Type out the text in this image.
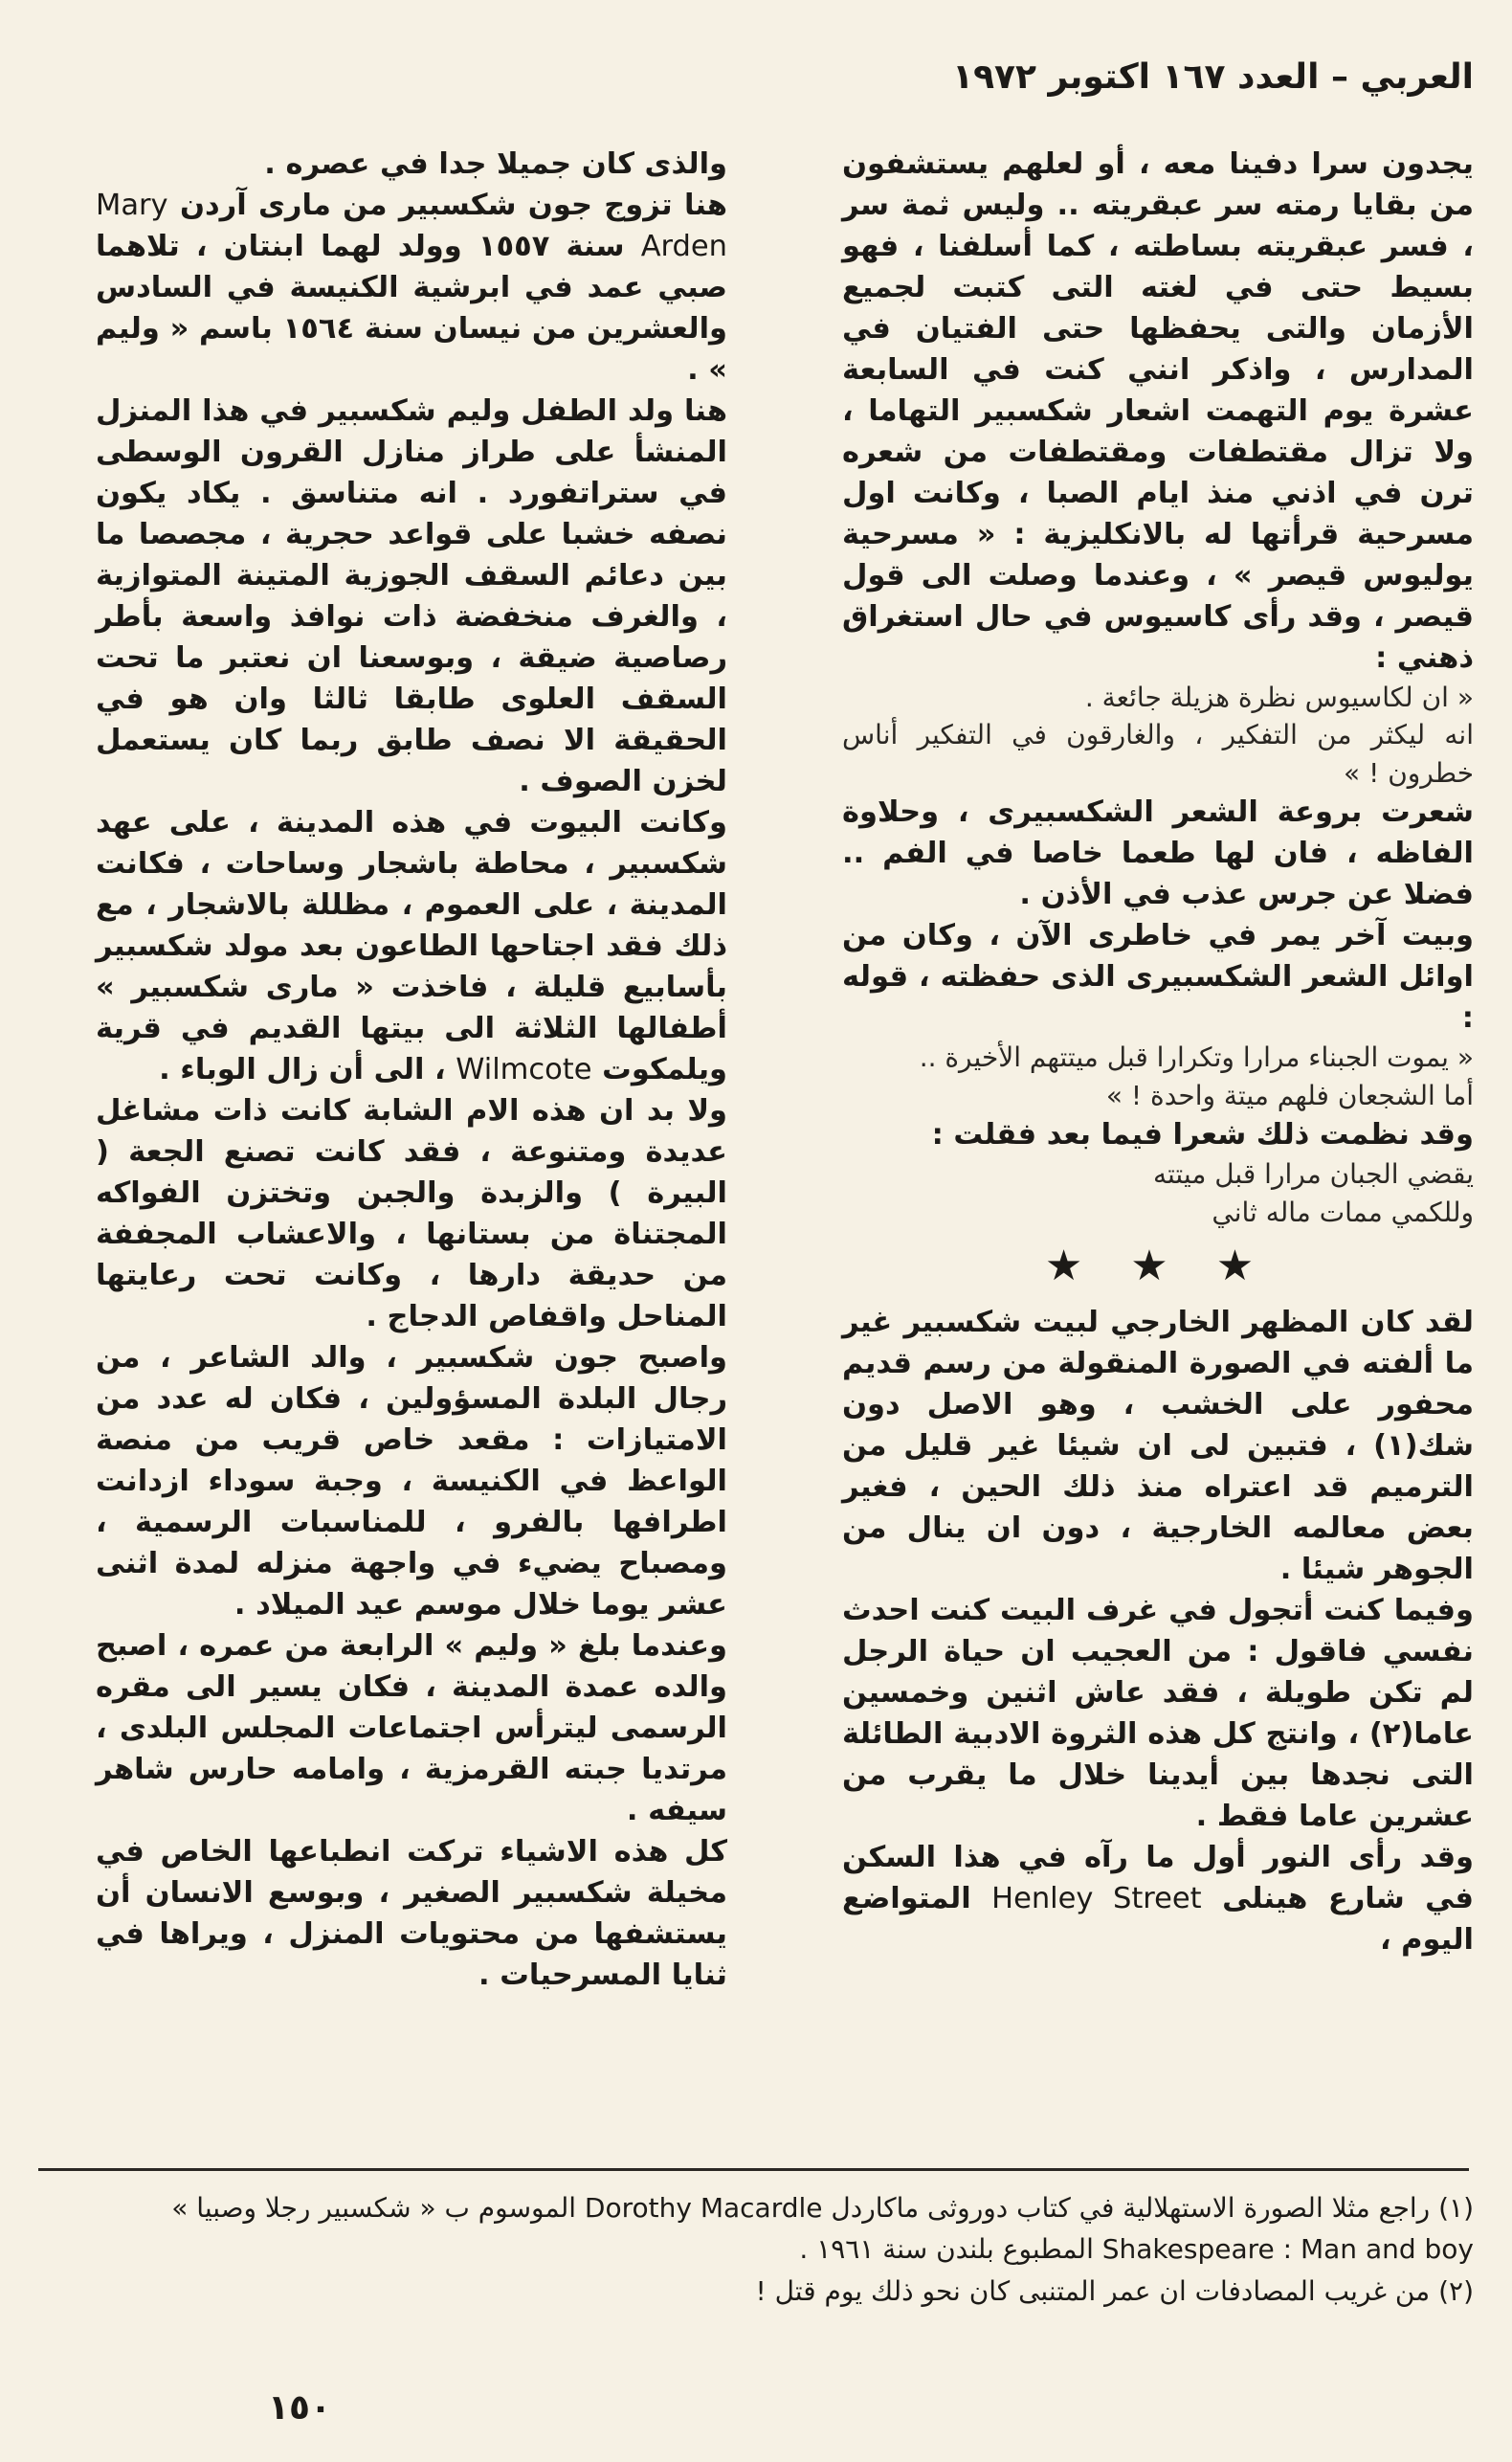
العربي – العدد ١٦٧ اكتوبر ١٩٧٢

يجدون سرا دفينا معه ، أو لعلهم يستشفون من بقايا رمته سر عبقريته .. وليس ثمة سر ، فسر عبقريته بساطته ، كما أسلفنا ، فهو بسيط حتى في لغته التى كتبت لجميع الأزمان والتى يحفظها حتى الفتيان في المدارس ، واذكر انني كنت في السابعة عشرة يوم التهمت اشعار شكسبير التهاما ، ولا تزال مقتطفات ومقتطفات من شعره ترن في اذني منذ ايام الصبا ، وكانت اول مسرحية قرأتها له بالانكليزية : « مسرحية يوليوس قيصر » ، وعندما وصلت الى قول قيصر ، وقد رأى كاسيوس في حال استغراق ذهني :

« ان لكاسيوس نظرة هزيلة جائعة .

انه ليكثر من التفكير ، والغارقون في التفكير أناس خطرون ! »

شعرت بروعة الشعر الشكسبيرى ، وحلاوة الفاظه ، فان لها طعما خاصا في الفم .. فضلا عن جرس عذب في الأذن .

وبيت آخر يمر في خاطرى الآن ، وكان من اوائل الشعر الشكسبيرى الذى حفظته ، قوله :

« يموت الجبناء مرارا وتكرارا قبل ميتتهم الأخيرة ..

أما الشجعان فلهم ميتة واحدة ! »

وقد نظمت ذلك شعرا فيما بعد فقلت :

يقضي الجبان مرارا قبل ميتته

وللكمي ممات ماله ثاني

★ ★ ★

لقد كان المظهر الخارجي لبيت شكسبير غير ما ألفته في الصورة المنقولة من رسم قديم محفور على الخشب ، وهو الاصل دون شك(١) ، فتبين لى ان شيئا غير قليل من الترميم قد اعتراه منذ ذلك الحين ، فغير بعض معالمه الخارجية ، دون ان ينال من الجوهر شيئا .

وفيما كنت أتجول في غرف البيت كنت احدث نفسي فاقول : من العجيب ان حياة الرجل لم تكن طويلة ، فقد عاش اثنين وخمسين عاما(٢) ، وانتج كل هذه الثروة الادبية الطائلة التى نجدها بين أيدينا خلال ما يقرب من عشرين عاما فقط .

وقد رأى النور أول ما رآه في هذا السكن في شارع هينلى Henley Street المتواضع اليوم ،

والذى كان جميلا جدا في عصره .

هنا تزوج جون شكسبير من مارى آردن Mary Arden سنة ١٥٥٧ وولد لهما ابنتان ، تلاهما صبي عمد في ابرشية الكنيسة في السادس والعشرين من نيسان سنة ١٥٦٤ باسم « وليم » .

هنا ولد الطفل وليم شكسبير في هذا المنزل المنشأ على طراز منازل القرون الوسطى في ستراتفورد . انه متناسق . يكاد يكون نصفه خشبا على قواعد حجرية ، مجصصا ما بين دعائم السقف الجوزية المتينة المتوازية ، والغرف منخفضة ذات نوافذ واسعة بأطر رصاصية ضيقة ، وبوسعنا ان نعتبر ما تحت السقف العلوى طابقا ثالثا وان هو في الحقيقة الا نصف طابق ربما كان يستعمل لخزن الصوف .

وكانت البيوت في هذه المدينة ، على عهد شكسبير ، محاطة باشجار وساحات ، فكانت المدينة ، على العموم ، مظللة بالاشجار ، مع ذلك فقد اجتاحها الطاعون بعد مولد شكسبير بأسابيع قليلة ، فاخذت « مارى شكسبير » أطفالها الثلاثة الى بيتها القديم في قرية ويلمكوت Wilmcote ، الى أن زال الوباء .

ولا بد ان هذه الام الشابة كانت ذات مشاغل عديدة ومتنوعة ، فقد كانت تصنع الجعة ( البيرة ) والزبدة والجبن وتختزن الفواكه المجتناة من بستانها ، والاعشاب المجففة من حديقة دارها ، وكانت تحت رعايتها المناحل واقفاص الدجاج .

واصبح جون شكسبير ، والد الشاعر ، من رجال البلدة المسؤولين ، فكان له عدد من الامتيازات : مقعد خاص قريب من منصة الواعظ في الكنيسة ، وجبة سوداء ازدانت اطرافها بالفرو ، للمناسبات الرسمية ، ومصباح يضيء في واجهة منزله لمدة اثنى عشر يوما خلال موسم عيد الميلاد .

وعندما بلغ « وليم » الرابعة من عمره ، اصبح والده عمدة المدينة ، فكان يسير الى مقره الرسمى ليترأس اجتماعات المجلس البلدى ، مرتديا جبته القرمزية ، وامامه حارس شاهر سيفه .

كل هذه الاشياء تركت انطباعها الخاص في مخيلة شكسبير الصغير ، وبوسع الانسان أن يستشفها من محتويات المنزل ، ويراها في ثنايا المسرحيات .

(١) راجع مثلا الصورة الاستهلالية في كتاب دوروثى ماكاردل Dorothy Macardle الموسوم ب « شكسبير رجلا وصبيا » Shakespeare : Man and boy المطبوع بلندن سنة ١٩٦١ .

(٢) من غريب المصادفات ان عمر المتنبى كان نحو ذلك يوم قتل !

١٥٠
